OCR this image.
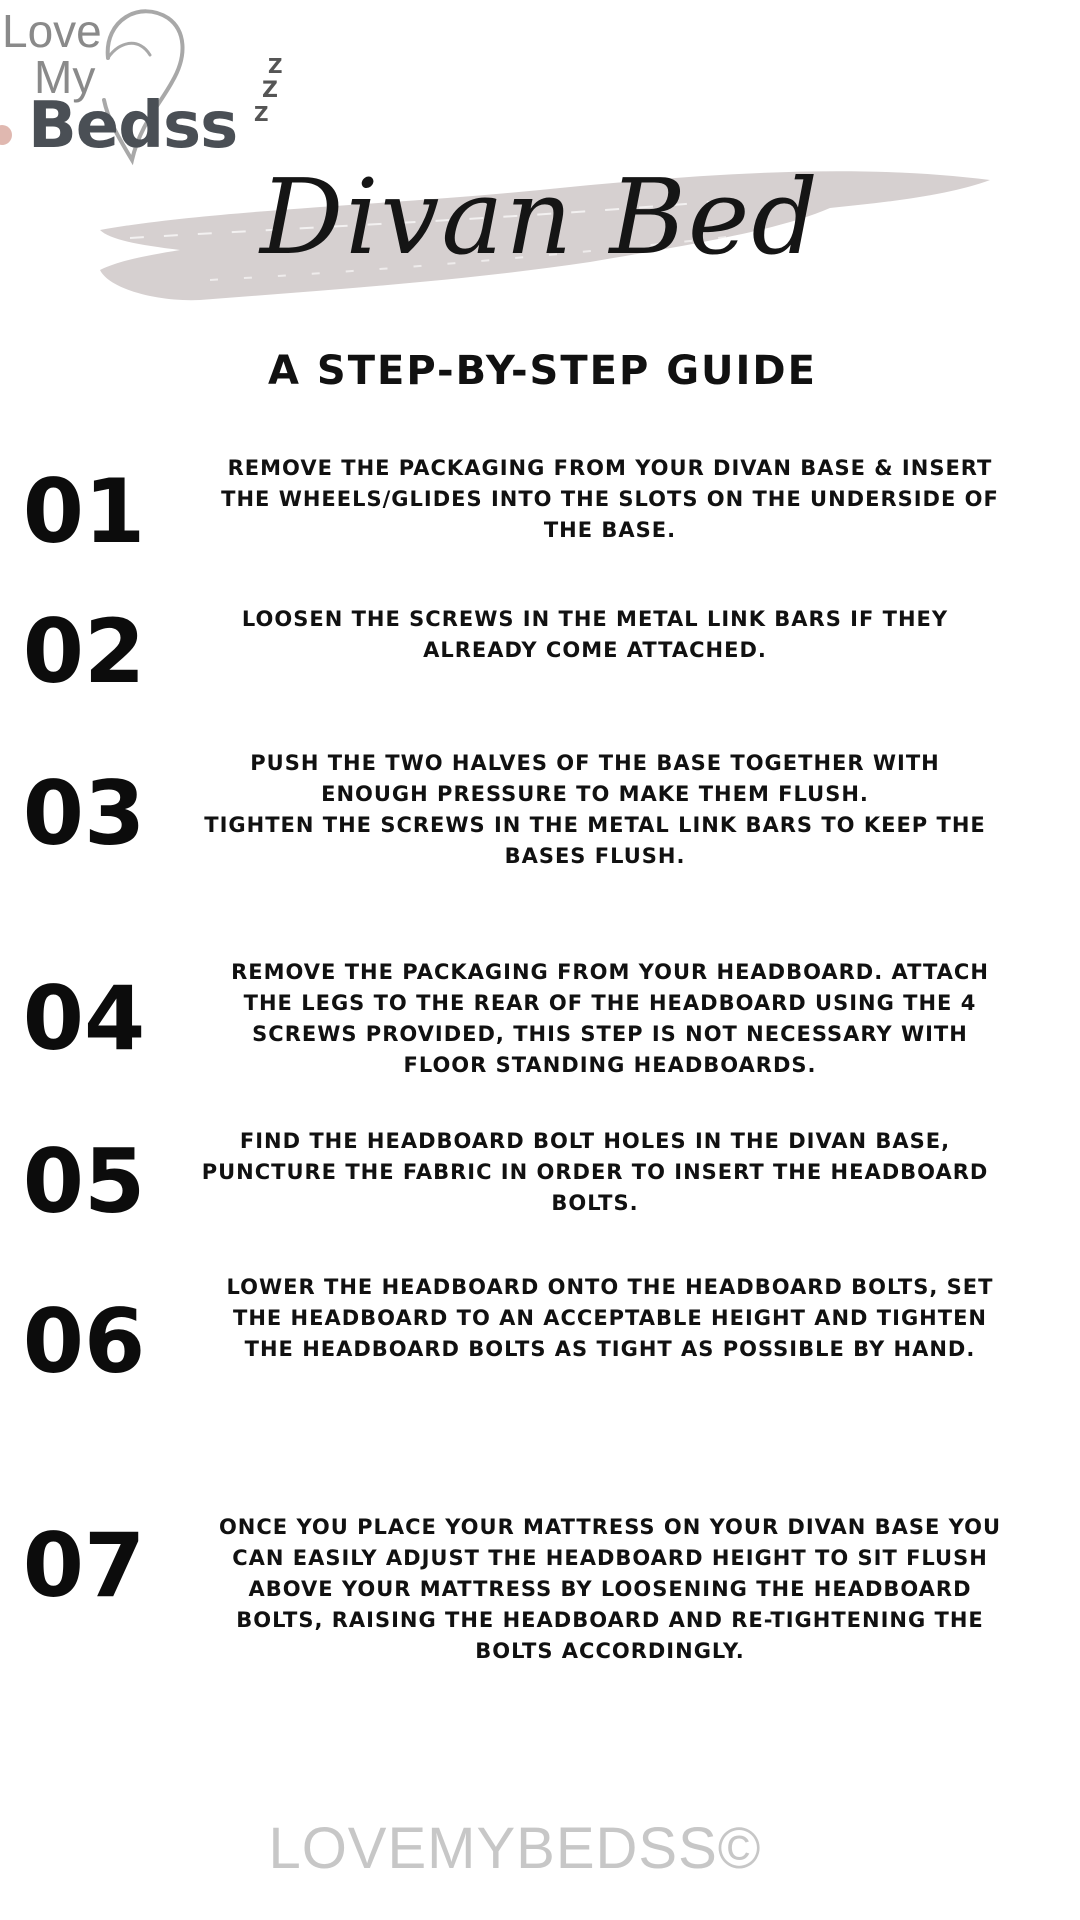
Love
My
Bedss
Z
Z
Z
Divan Bed
A STEP-BY-STEP GUIDE
01	REMOVE THE PACKAGING FROM YOUR DIVAN BASE & INSERT
THE WHEELS/GLIDES INTO THE SLOTS ON THE UNDERSIDE OF
THE BASE.
02	LOOSEN THE SCREWS IN THE METAL LINK BARS IF THEY
ALREADY COME ATTACHED.
03	PUSH THE TWO HALVES OF THE BASE TOGETHER WITH
ENOUGH PRESSURE TO MAKE THEM FLUSH.
TIGHTEN THE SCREWS IN THE METAL LINK BARS TO KEEP THE
BASES FLUSH.
04	REMOVE THE PACKAGING FROM YOUR HEADBOARD. ATTACH
THE LEGS TO THE REAR OF THE HEADBOARD USING THE 4
SCREWS PROVIDED, THIS STEP IS NOT NECESSARY WITH
FLOOR STANDING HEADBOARDS.
05	FIND THE HEADBOARD BOLT HOLES IN THE DIVAN BASE,
PUNCTURE THE FABRIC IN ORDER TO INSERT THE HEADBOARD
BOLTS.
06
LOWER THE HEADBOARD ONTO THE HEADBOARD BOLTS, SET
THE HEADBOARD TO AN ACCEPTABLE HEIGHT AND TIGHTEN
THE HEADBOARD BOLTS AS TIGHT AS POSSIBLE BY HAND.
07	ONCE YOU PLACE YOUR MATTRESS ON YOUR DIVAN BASE YOU
CAN EASILY ADJUST THE HEADBOARD HEIGHT TO SIT FLUSH
ABOVE YOUR MATTRESS BY LOOSENING THE HEADBOARD
BOLTS, RAISING THE HEADBOARD AND RE-TIGHTENING THE
BOLTS ACCORDINGLY.
LOVEMYBEDSS©
